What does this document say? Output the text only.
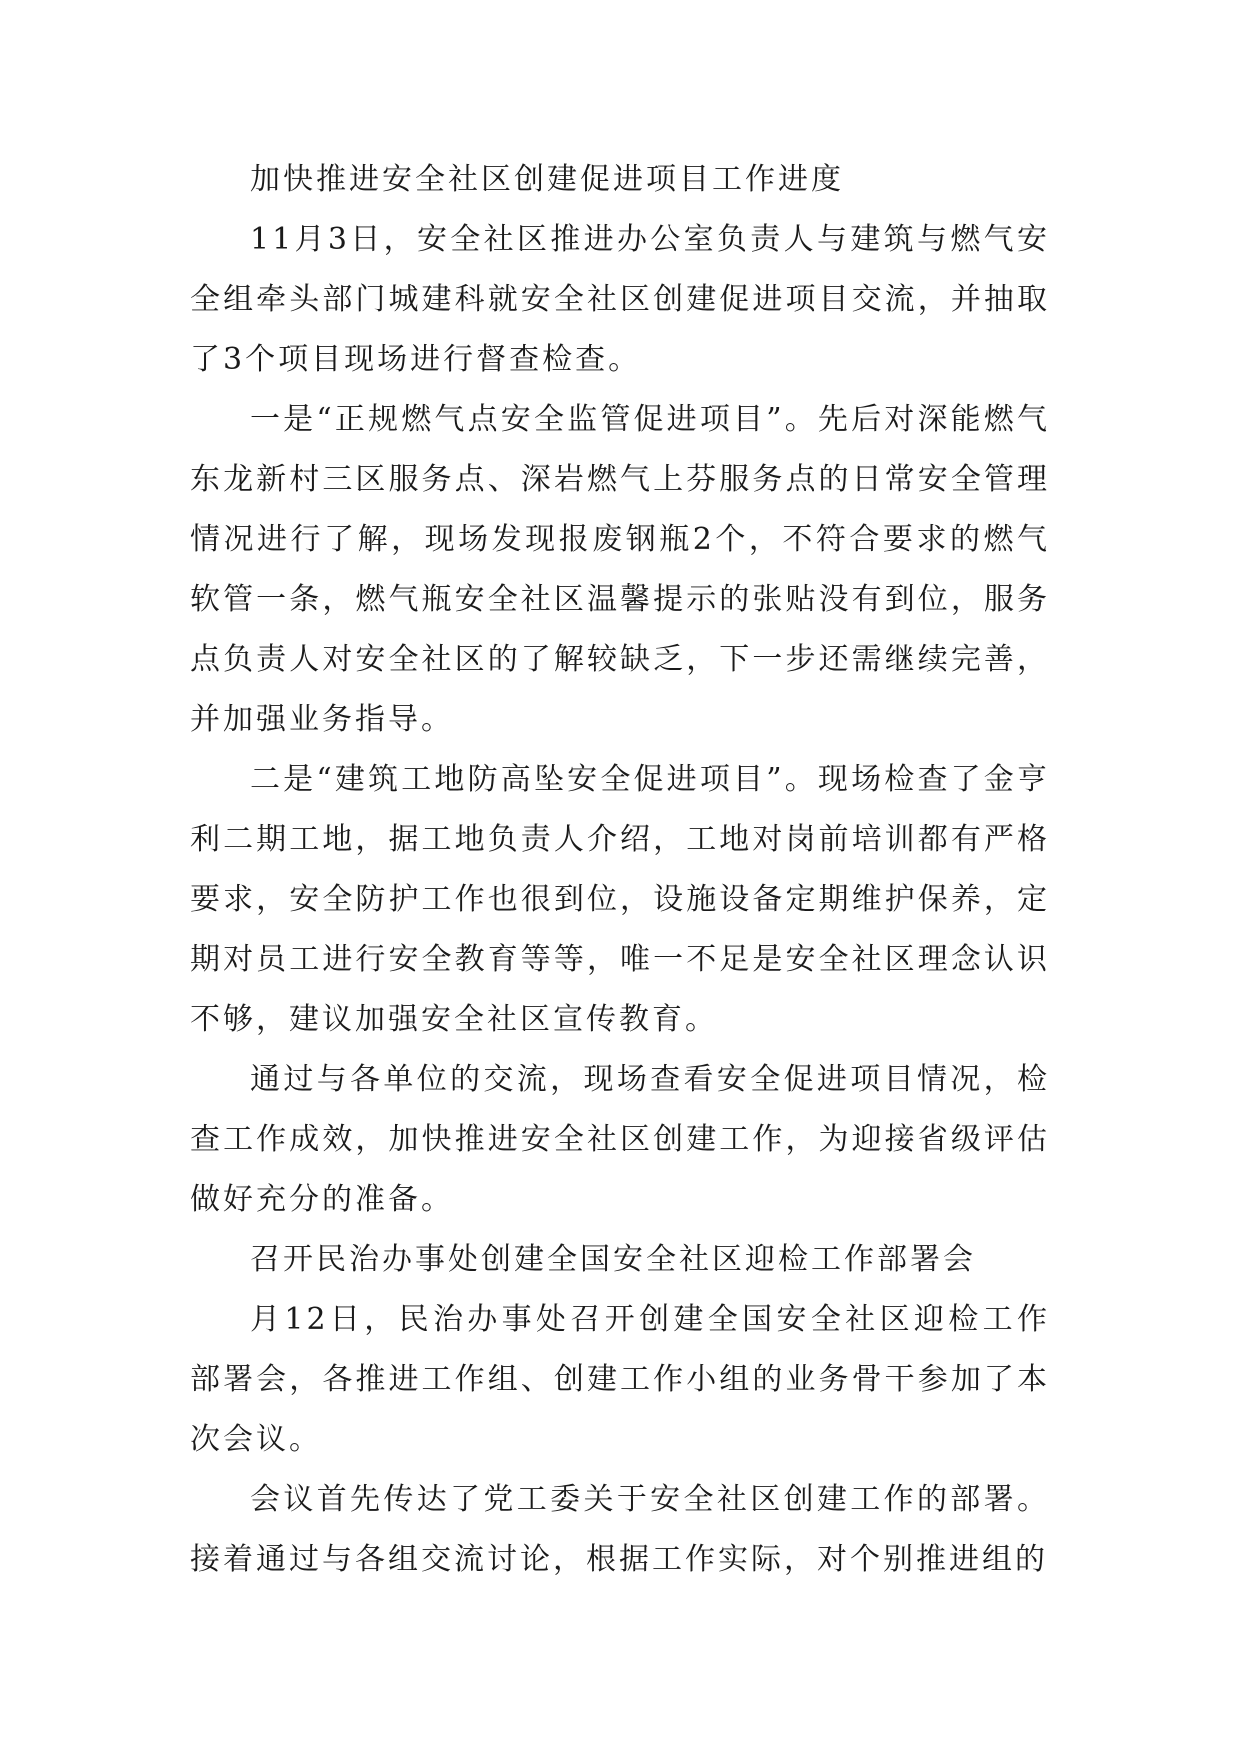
加快推进安全社区创建促进项目工作进度

11月3日，安全社区推进办公室负责人与建筑与燃气安全组牵头部门城建科就安全社区创建促进项目交流，并抽取了3个项目现场进行督查检查。

一是“正规燃气点安全监管促进项目”。先后对深能燃气东龙新村三区服务点、深岩燃气上芬服务点的日常安全管理情况进行了解，现场发现报废钢瓶2个，不符合要求的燃气软管一条，燃气瓶安全社区温馨提示的张贴没有到位，服务点负责人对安全社区的了解较缺乏，下一步还需继续完善，并加强业务指导。

二是“建筑工地防高坠安全促进项目”。现场检查了金亨利二期工地，据工地负责人介绍，工地对岗前培训都有严格要求，安全防护工作也很到位，设施设备定期维护保养，定期对员工进行安全教育等等，唯一不足是安全社区理念认识不够，建议加强安全社区宣传教育。

通过与各单位的交流，现场查看安全促进项目情况，检查工作成效，加快推进安全社区创建工作，为迎接省级评估做好充分的准备。

召开民治办事处创建全国安全社区迎检工作部署会

月12日，民治办事处召开创建全国安全社区迎检工作部署会，各推进工作组、创建工作小组的业务骨干参加了本次会议。

会议首先传达了党工委关于安全社区创建工作的部署。接着通过与各组交流讨论，根据工作实际，对个别推进组的
